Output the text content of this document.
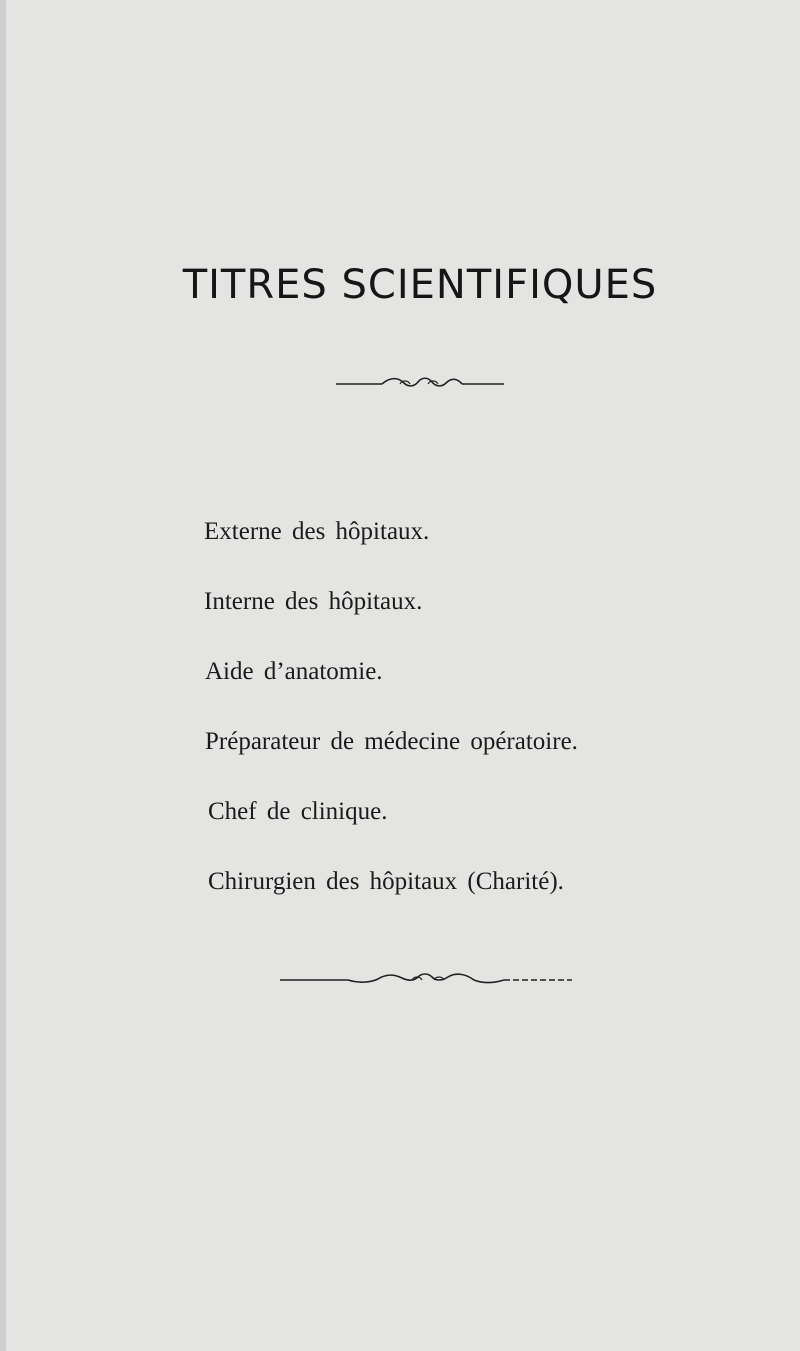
TITRES SCIENTIFIQUES
Externe des hôpitaux.
Interne des hôpitaux.
Aide d’anatomie.
Préparateur de médecine opératoire.
Chef de clinique.
Chirurgien des hôpitaux (Charité).
